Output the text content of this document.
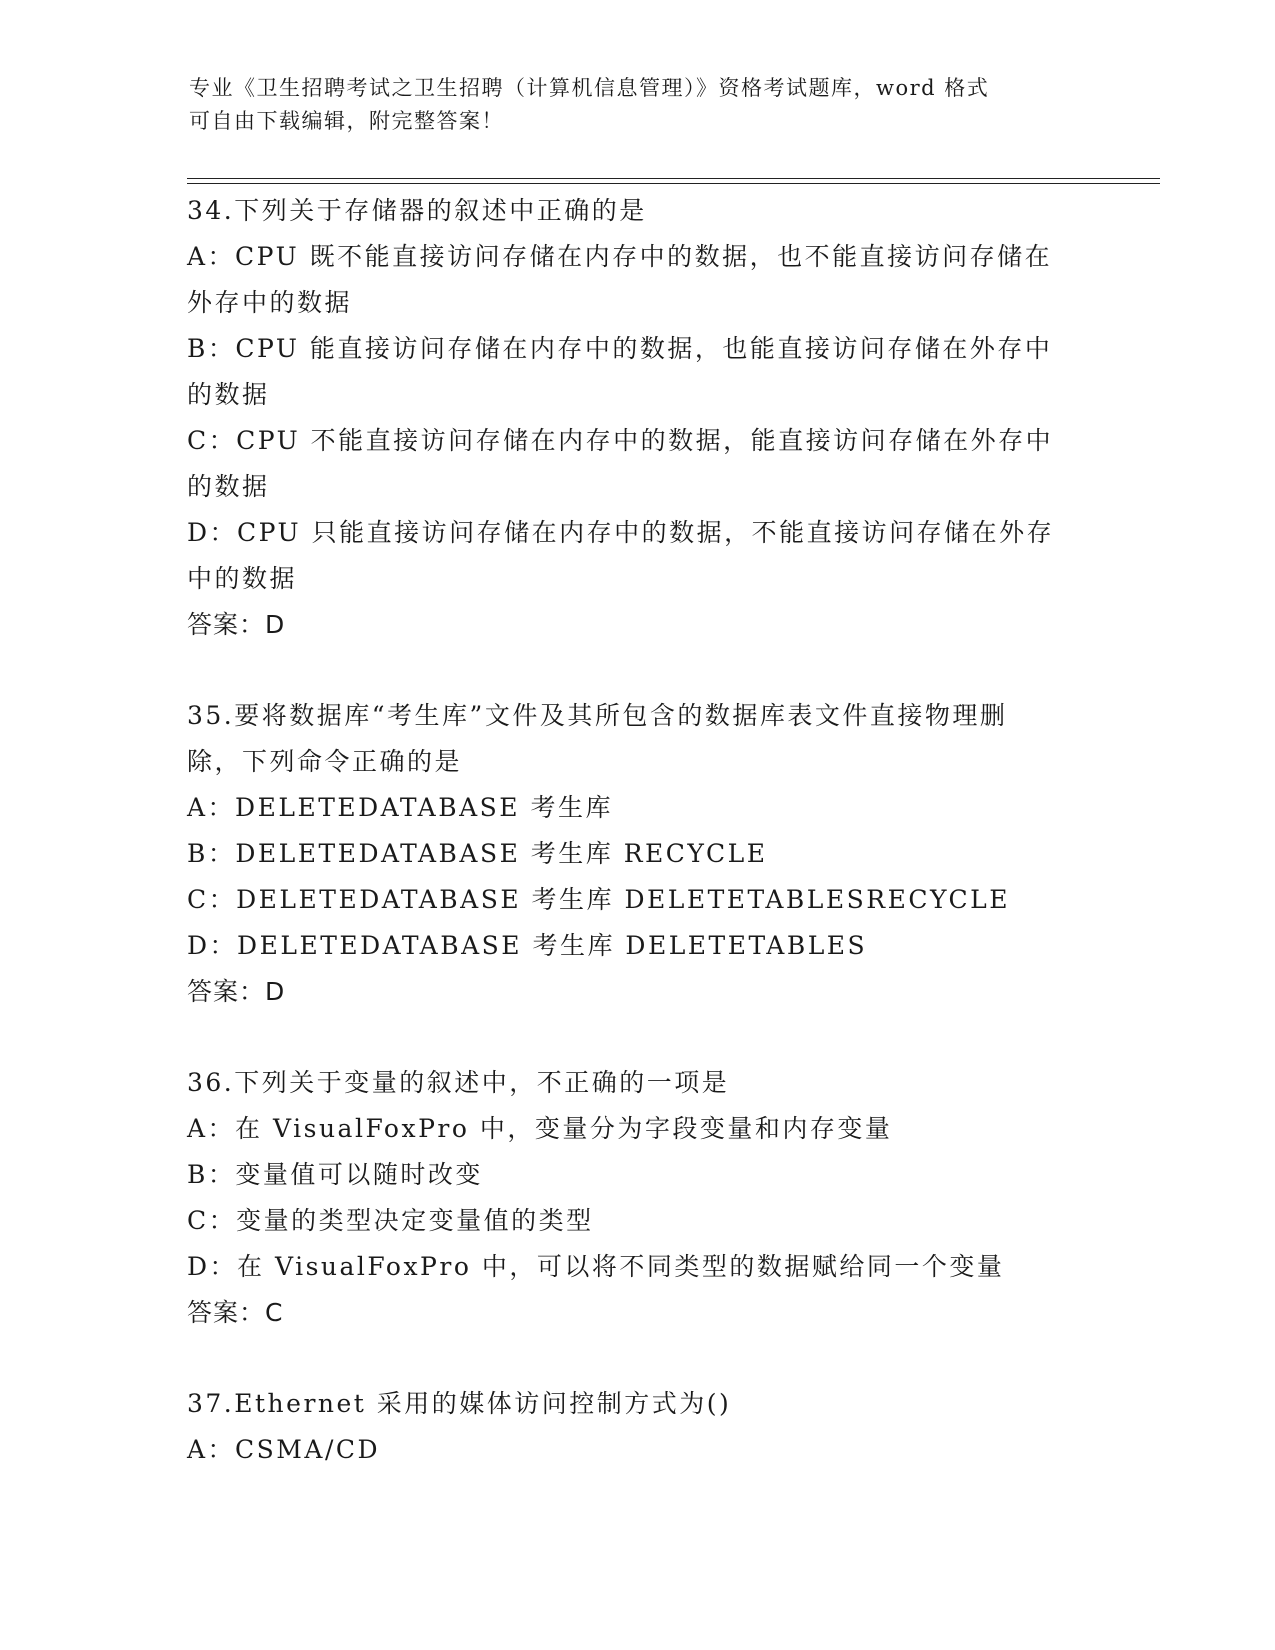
专业《卫生招聘考试之卫生招聘（计算机信息管理）》资格考试题库，word 格式
可自由下载编辑，附完整答案！
34.下列关于存储器的叙述中正确的是
A：CPU 既不能直接访问存储在内存中的数据，也不能直接访问存储在
外存中的数据
B：CPU 能直接访问存储在内存中的数据，也能直接访问存储在外存中
的数据
C：CPU 不能直接访问存储在内存中的数据，能直接访问存储在外存中
的数据
D：CPU 只能直接访问存储在内存中的数据，不能直接访问存储在外存
中的数据
答案：D
35.要将数据库“考生库”文件及其所包含的数据库表文件直接物理删
除，下列命令正确的是
A：DELETEDATABASE 考生库
B：DELETEDATABASE 考生库 RECYCLE
C：DELETEDATABASE 考生库 DELETETABLESRECYCLE
D：DELETEDATABASE 考生库 DELETETABLES
答案：D
36.下列关于变量的叙述中，不正确的一项是
A：在 VisualFoxPro 中，变量分为字段变量和内存变量
B：变量值可以随时改变
C：变量的类型决定变量值的类型
D：在 VisualFoxPro 中，可以将不同类型的数据赋给同一个变量
答案：C
37.Ethernet 采用的媒体访问控制方式为()
A：CSMA/CD
